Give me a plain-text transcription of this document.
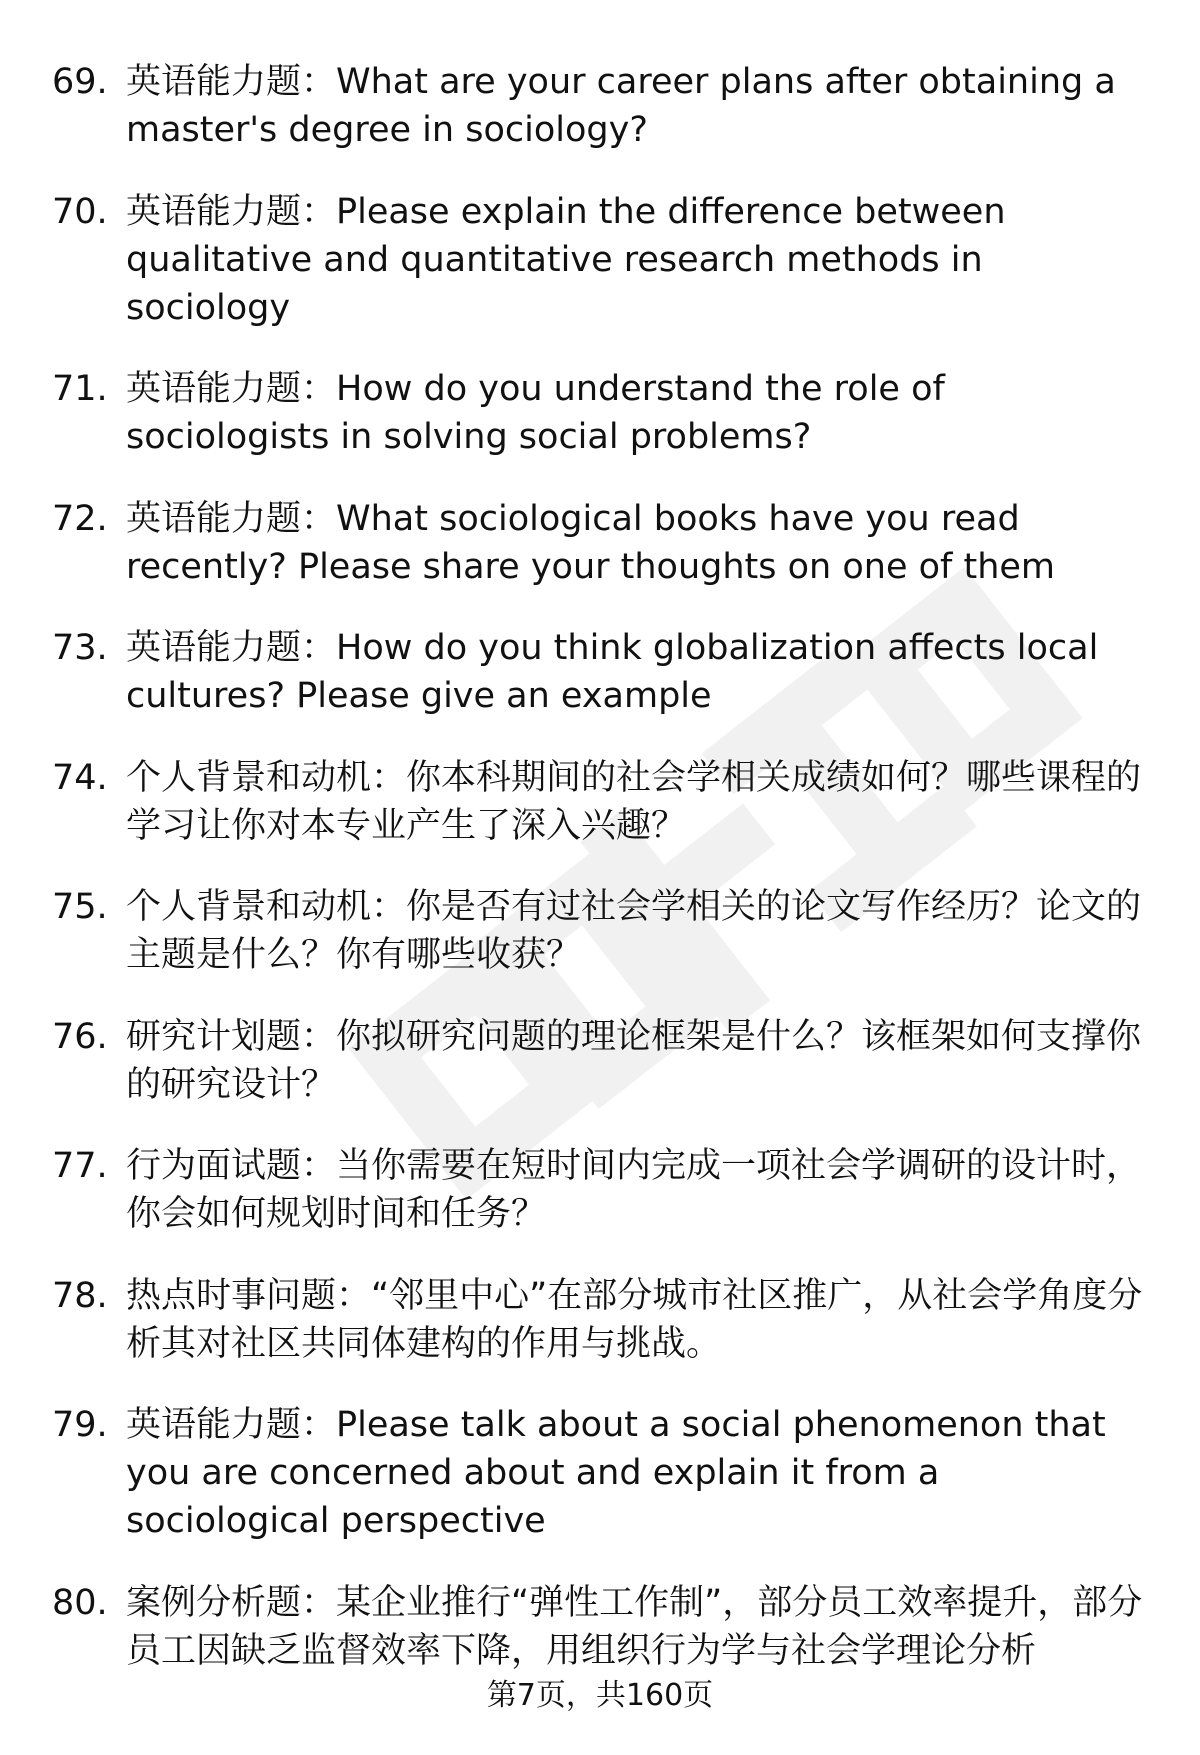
69. 英语能力题：What are your career plans after obtaining a master's degree in sociology?
70. 英语能力题：Please explain the difference between qualitative and quantitative research methods in sociology
71. 英语能力题：How do you understand the role of sociologists in solving social problems?
72. 英语能力题：What sociological books have you read recently? Please share your thoughts on one of them
73. 英语能力题：How do you think globalization affects local cultures? Please give an example
74. 个人背景和动机：你本科期间的社会学相关成绩如何？哪些课程的学习让你对本专业产生了深入兴趣？
75. 个人背景和动机：你是否有过社会学相关的论文写作经历？论文的主题是什么？你有哪些收获？
76. 研究计划题：你拟研究问题的理论框架是什么？该框架如何支撑你的研究设计？
77. 行为面试题：当你需要在短时间内完成一项社会学调研的设计时，你会如何规划时间和任务？
78. 热点时事问题：“邻里中心”在部分城市社区推广，从社会学角度分析其对社区共同体建构的作用与挑战。
79. 英语能力题：Please talk about a social phenomenon that you are concerned about and explain it from a sociological perspective
80. 案例分析题：某企业推行“弹性工作制”，部分员工效率提升，部分员工因缺乏监督效率下降，用组织行为学与社会学理论分析
第7页，共160页
